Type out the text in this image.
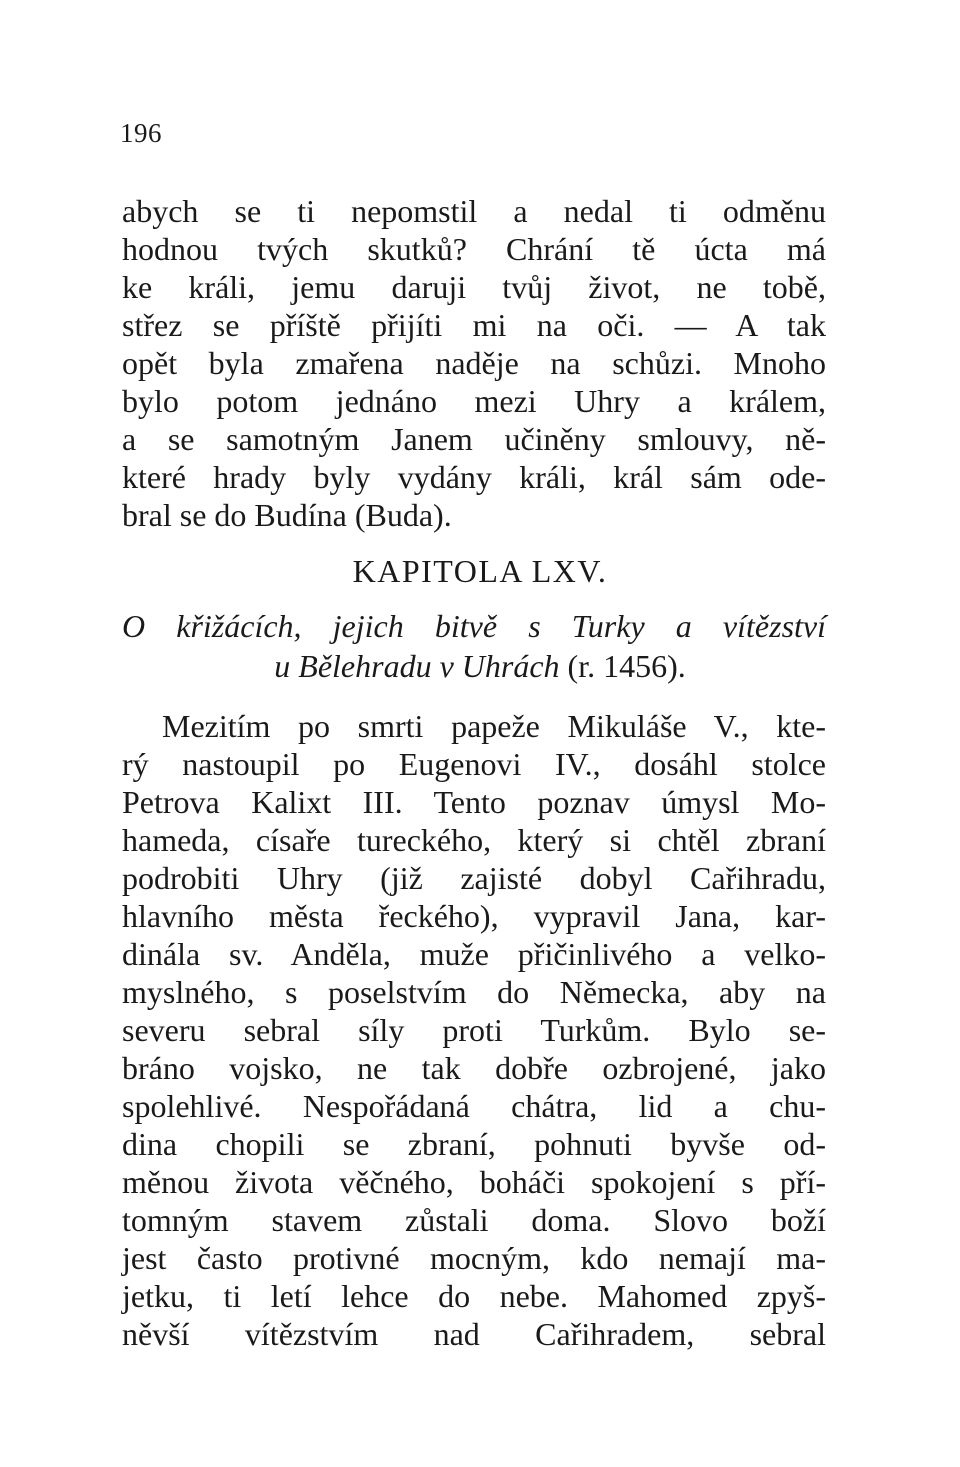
196
abych se ti nepomstil a nedal ti odměnu
hodnou tvých skutků? Chrání tě úcta má
ke králi, jemu daruji tvůj život, ne tobě,
střez se příště přijíti mi na oči. — A tak
opět byla zmařena naděje na schůzi. Mnoho
bylo potom jednáno mezi Uhry a králem,
a se samotným Janem učiněny smlouvy, ně-
které hrady byly vydány králi, král sám ode-
bral se do Budína (Buda).
KAPITOLA LXV.
O křižácích, jejich bitvě s Turky a vítězství
u Bělehradu v Uhrách (r. 1456).
Mezitím po smrti papeže Mikuláše V., kte-
rý nastoupil po Eugenovi IV., dosáhl stolce
Petrova Kalixt III. Tento poznav úmysl Mo-
hameda, císaře tureckého, který si chtěl zbraní
podrobiti Uhry (již zajisté dobyl Cařihradu,
hlavního města řeckého), vypravil Jana, kar-
dinála sv. Anděla, muže přičinlivého a velko-
myslného, s poselstvím do Německa, aby na
severu sebral síly proti Turkům. Bylo se-
bráno vojsko, ne tak dobře ozbrojené, jako
spolehlivé. Nespořádaná chátra, lid a chu-
dina chopili se zbraní, pohnuti byvše od-
měnou života věčného, boháči spokojení s pří-
tomným stavem zůstali doma. Slovo boží
jest často protivné mocným, kdo nemají ma-
jetku, ti letí lehce do nebe. Mahomed zpyš-
něvší vítězstvím nad Cařihradem, sebral
